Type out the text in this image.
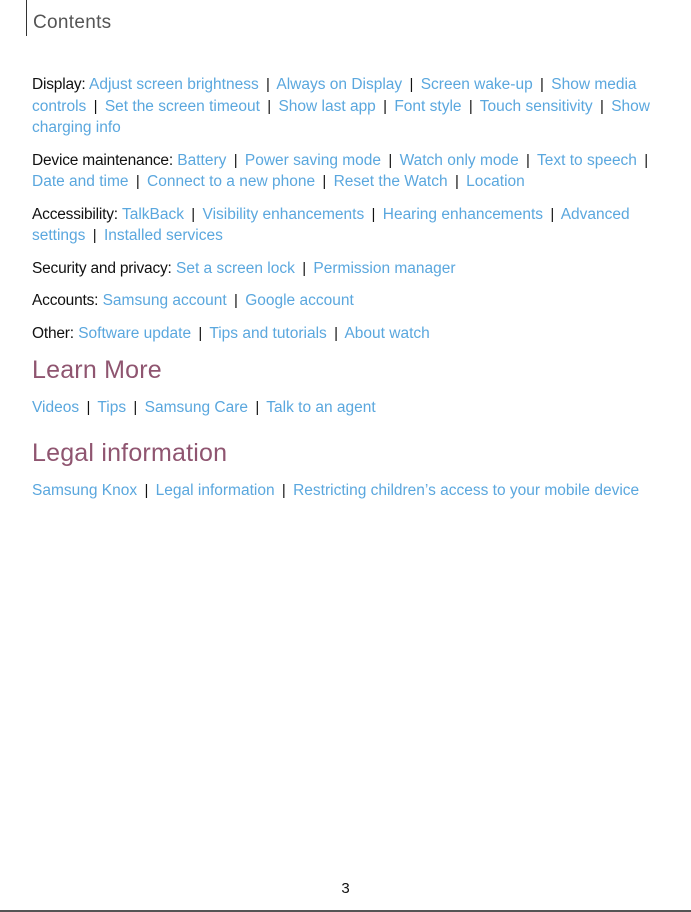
Contents
Display: Adjust screen brightness | Always on Display | Screen wake-up | Show media controls | Set the screen timeout | Show last app | Font style | Touch sensitivity | Show charging info
Device maintenance: Battery | Power saving mode | Watch only mode | Text to speech | Date and time | Connect to a new phone | Reset the Watch | Location
Accessibility: TalkBack | Visibility enhancements | Hearing enhancements | Advanced settings | Installed services
Security and privacy: Set a screen lock | Permission manager
Accounts: Samsung account | Google account
Other: Software update | Tips and tutorials | About watch
Learn More
Videos | Tips | Samsung Care | Talk to an agent
Legal information
Samsung Knox | Legal information | Restricting children’s access to your mobile device
3
